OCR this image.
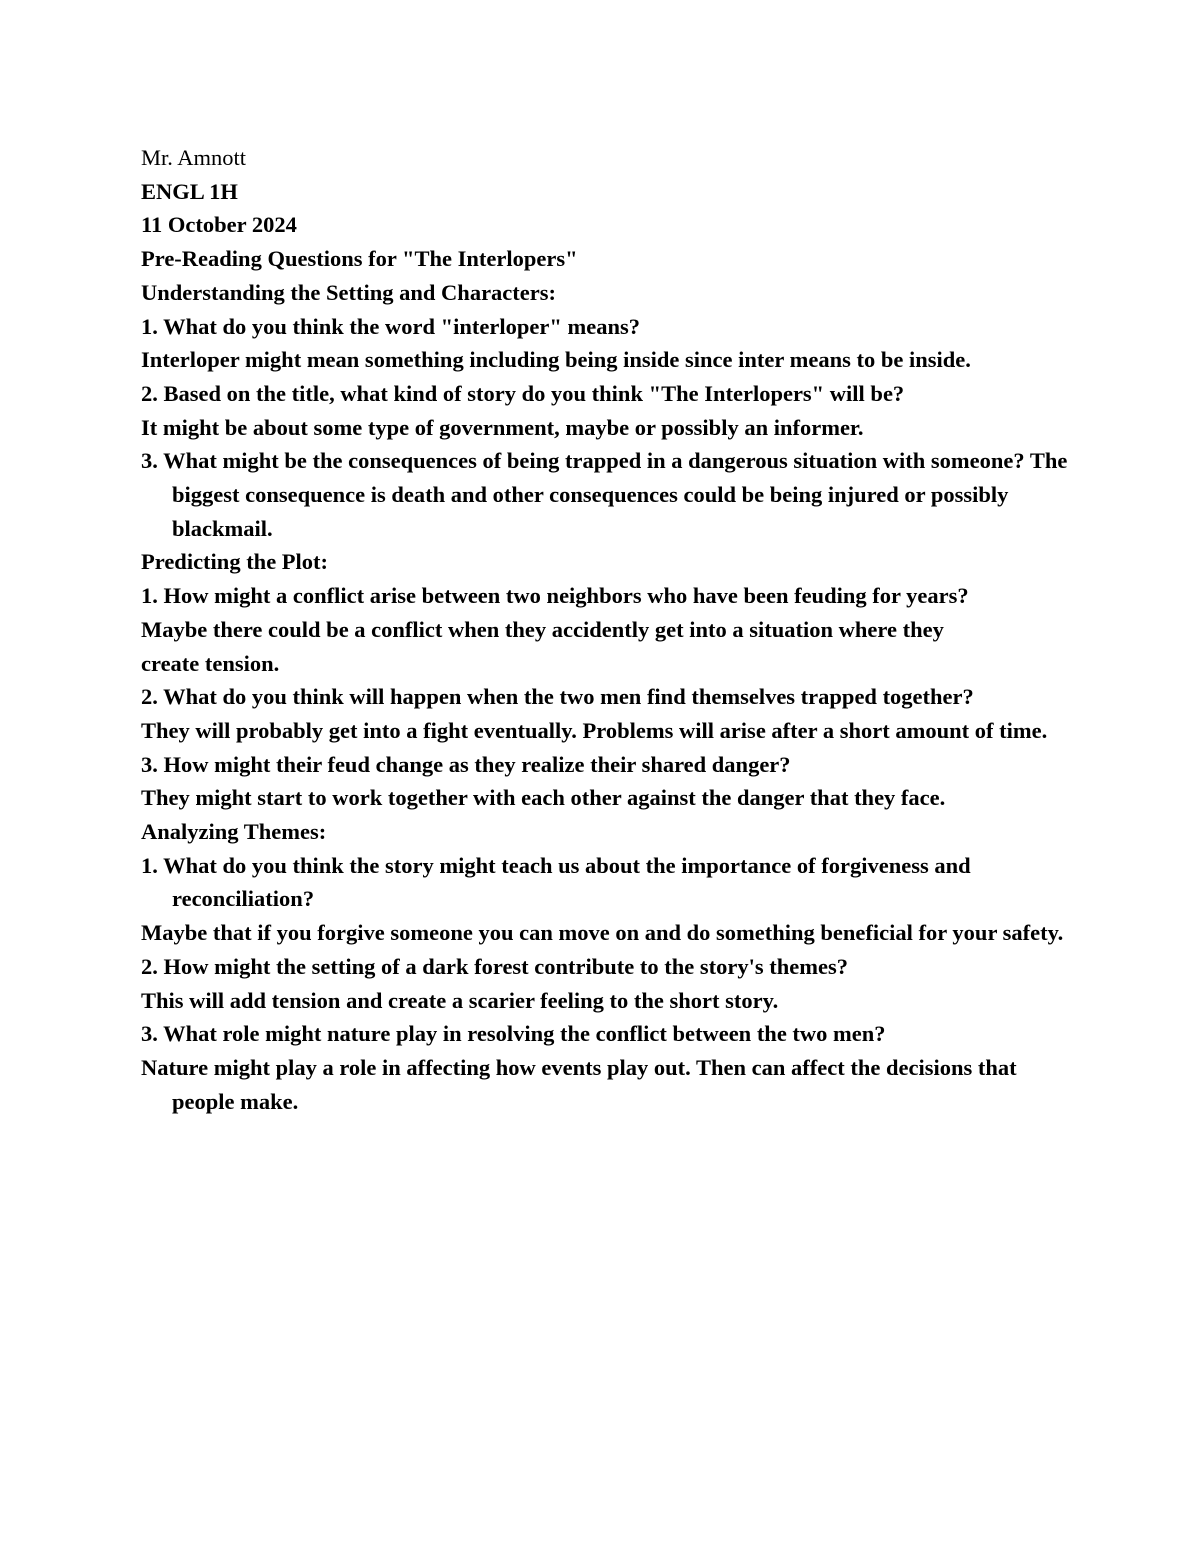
Mr. Amnott

ENGL 1H

11 October 2024

Pre-Reading Questions for "The Interlopers"

Understanding the Setting and Characters:

1. What do you think the word "interloper" means?

Interloper might mean something including being inside since inter means to be inside.

2. Based on the title, what kind of story do you think "The Interlopers" will be?

It might be about some type of government, maybe or possibly an informer.

3. What might be the consequences of being trapped in a dangerous situation with someone? The biggest consequence is death and other consequences could be being injured or possibly blackmail.

Predicting the Plot:

1. How might a conflict arise between two neighbors who have been feuding for years?

Maybe there could be a conflict when they accidently get into a situation where they

create tension.

2. What do you think will happen when the two men find themselves trapped together?

They will probably get into a fight eventually. Problems will arise after a short amount of time.

3. How might their feud change as they realize their shared danger?

They might start to work together with each other against the danger that they face.

Analyzing Themes:

1. What do you think the story might teach us about the importance of forgiveness and reconciliation?

Maybe that if you forgive someone you can move on and do something beneficial for your safety.

2. How might the setting of a dark forest contribute to the story's themes?

This will add tension and create a scarier feeling to the short story.

3. What role might nature play in resolving the conflict between the two men?

Nature might play a role in affecting how events play out. Then can affect the decisions that people make.
